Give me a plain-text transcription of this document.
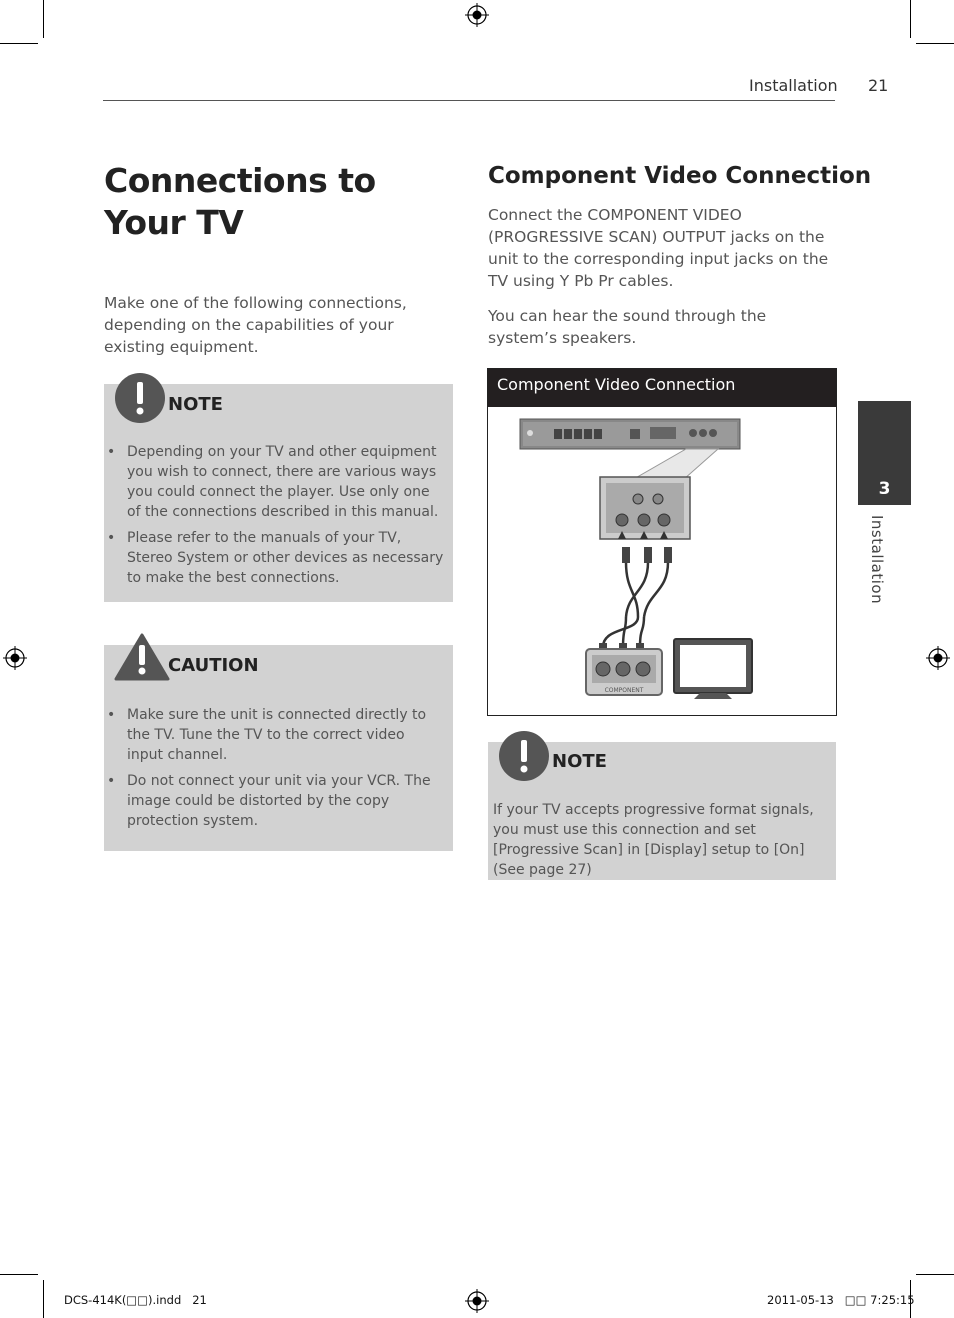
Installation 21
Connections to Your TV
Make one of the following connections, depending on the capabilities of your existing equipment.
NOTE
• Depending on your TV and other equipment you wish to connect, there are various ways you could connect the player. Use only one of the connections described in this manual.
• Please refer to the manuals of your TV, Stereo System or other devices as necessary to make the best connections.
CAUTION
• Make sure the unit is connected directly to the TV. Tune the TV to the correct video input channel.
• Do not connect your unit via your VCR. The image could be distorted by the copy protection system.
Component Video Connection
Connect the COMPONENT VIDEO (PROGRESSIVE SCAN) OUTPUT jacks on the unit to the corresponding input jacks on the TV using Y Pb Pr cables.
You can hear the sound through the system’s speakers.
Component Video Connection
COMPONENT
NOTE
If your TV accepts progressive format signals, you must use this connection and set [Progressive Scan] in [Display] setup to [On] (See page 27)
3
Installation
DCS-414K(□□).indd   21	2011-05-13   □□ 7:25:15
